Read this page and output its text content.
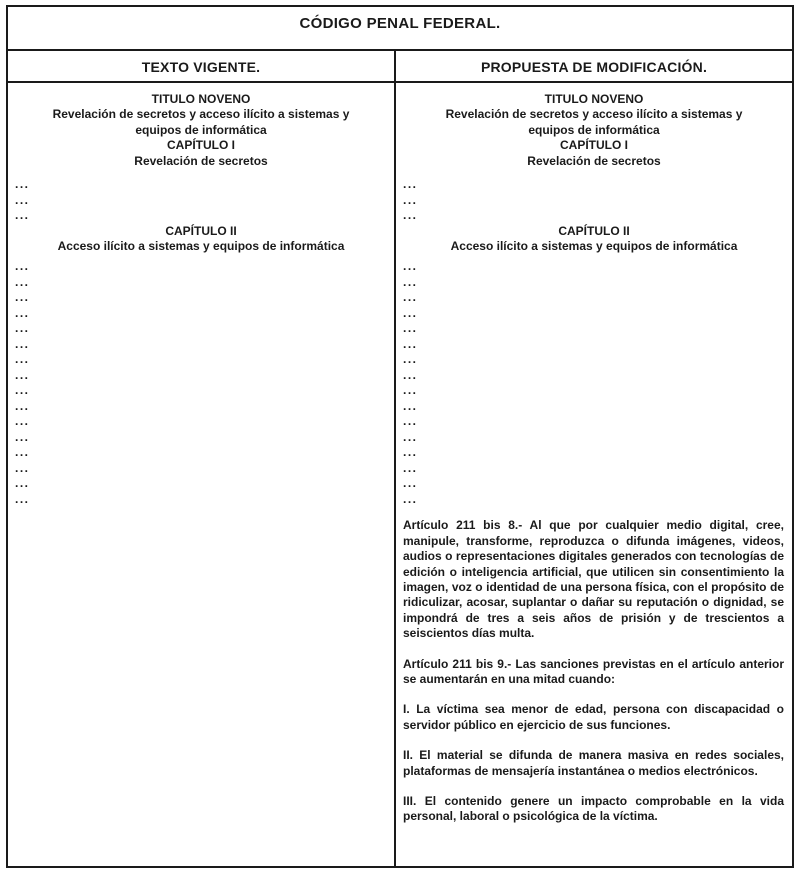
CÓDIGO PENAL FEDERAL.
TEXTO VIGENTE.	PROPUESTA DE MODIFICACIÓN.
TITULO NOVENO
Revelación de secretos y acceso ilícito a sistemas y equipos de informática
CAPÍTULO I
Revelación de secretos
...
...
...
CAPÍTULO II
Acceso ilícito a sistemas y equipos de informática
...
...
...
...
...
...
...
...
...
...
...
...
...
...
...
...
TITULO NOVENO
Revelación de secretos y acceso ilícito a sistemas y equipos de informática
CAPÍTULO I
Revelación de secretos
...
...
...
CAPÍTULO II
Acceso ilícito a sistemas y equipos de informática
...
...
...
...
...
...
...
...
...
...
...
...
...
...
...
...

Artículo 211 bis 8.- Al que por cualquier medio digital, cree, manipule, transforme, reproduzca o difunda imágenes, videos, audios o representaciones digitales generados con tecnologías de edición o inteligencia artificial, que utilicen sin consentimiento la imagen, voz o identidad de una persona física, con el propósito de ridiculizar, acosar, suplantar o dañar su reputación o dignidad, se impondrá de tres a seis años de prisión y de trescientos a seiscientos días multa.

Artículo 211 bis 9.- Las sanciones previstas en el artículo anterior se aumentarán en una mitad cuando:

I. La víctima sea menor de edad, persona con discapacidad o servidor público en ejercicio de sus funciones.

II. El material se difunda de manera masiva en redes sociales, plataformas de mensajería instantánea o medios electrónicos.

III. El contenido genere un impacto comprobable en la vida personal, laboral o psicológica de la víctima.
